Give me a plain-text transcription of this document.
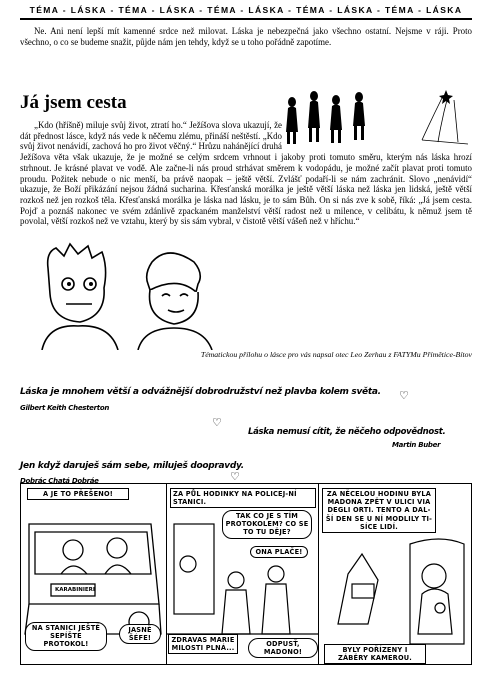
TÉMA - LÁSKA - TÉMA - LÁSKA - TÉMA - LÁSKA - TÉMA - LÁSKA - TÉMA - LÁSKA
Ne. Ani není lepší mít kamenné srdce než milovat. Láska je nebezpečná jako všechno ostatní. Nejsme v ráji. Proto všechno, o co se budeme snažit, půjde nám jen tehdy, když se u toho pořádně zapotíme.
Já jsem cesta

„Kdo (hříšně) miluje svůj život, ztratí ho.“ Ježíšova slova ukazují, že dát přednost lásce, když nás vede k něčemu zlému, přináší neštěstí. „Kdo svůj život nenávidí, zachová ho pro život věčný.“ Hrůzu nahánějící druhá Ježíšova věta však ukazuje, že je možné se celým srdcem vrhnout i jakoby proti tomuto směru, kterým nás láska hrozí strhnout. Je krásné plavat ve vodě. Ale začne-li nás proud strhávat směrem k vodopádu, je možné začít plavat proti tomuto proudu. Požitek nebude o nic menší, ba právě naopak – ještě větší. Zvlášť podaří-li se nám zachránit. Slovo „nenávidí“ ukazuje, že Boží přikázání nejsou žádná sucharina. Křesťanská morálka je ještě větší láska než láska jen lidská, ještě větší rozkoš než jen rozkoš těla. Křesťanská morálka je láska nad lásku, je to sám Bůh. On si nás zve k sobě, říká: „Já jsem cesta. Pojď a poznáš nakonec ve svém zdánlivě zpackaném manželství větší radost než u milence, v celibátu, k němuž jsem tě povolal, větší rozkoš než ve vztahu, který by sis sám vybral, v čistotě větší vášeň než v hříchu.“

Tématickou přílohu o lásce pro vás napsal otec Leo Zerhau z FATYMu Přímětice-Bítov
Láska je mnohem větší a odvážnější dobrodružství než plavba kolem světa.
Gilbert Keith Chesterton
Láska nemusí cítit, že něčeho odpovědnost.
Martin Buber
Jen když daruješ sám sebe, miluješ doopravdy.
Dobrác Chatá Dobráe
♡
♡
♡
A JE TO PŘEŠENO!
KARABINIERI
NA STANICI JEŠTĚ SEPÍŠTE PROTOKOL!
JASNĚ ŠÉFE!
ZA PŮL HODINKY NA POLICEJ-NÍ STANICI.
TAK CO JE S TÍM PROTOKOLEM? CO SE TO TU DĚJE?
ONA PLAČE!
ZDRAVAS MARIE MILOSTI PLNÁ...
ODPUSŤ, MADONO!
ZA NĚCELOU HODINU BYLA MADONA ZPĚT V ULICI VIA DEGLI ORTI. TENTO A DAL-ŠÍ DEN SE U NÍ MODLILY TI-SÍCE LIDÍ.
BYLY POŘÍZENY I ZÁBĚRY KAMEROU.
